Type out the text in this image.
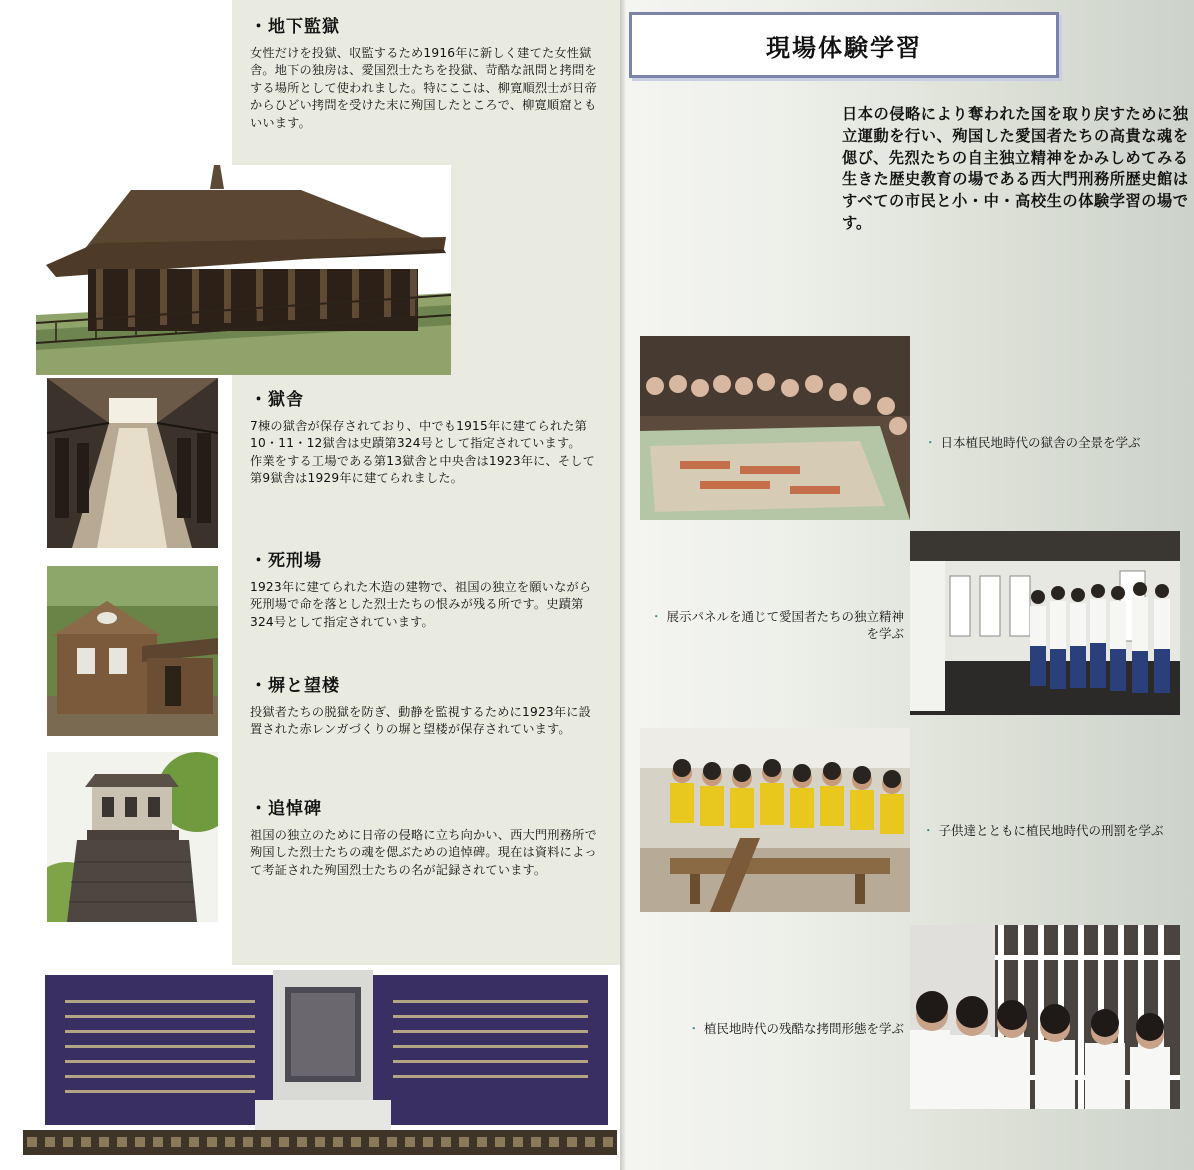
・地下監獄

女性だけを投獄、収監するため1916年に新しく建てた女性獄舎。地下の独房は、愛国烈士たちを投獄、苛酷な訊問と拷問をする場所として使われました。特にここは、柳寛順烈士が日帝からひどい拷問を受けた末に殉国したところで、柳寛順窟ともいいます。

・獄舎

7棟の獄舎が保存されており、中でも1915年に建てられた第10・11・12獄舎は史蹟第324号として指定されています。
作業をする工場である第13獄舎と中央舎は1923年に、そして第9獄舎は1929年に建てられました。

・死刑場

1923年に建てられた木造の建物で、祖国の独立を願いながら死刑場で命を落とした烈士たちの恨みが残る所です。史蹟第324号として指定されています。

・塀と望楼

投獄者たちの脱獄を防ぎ、動静を監視するために1923年に設置された赤レンガづくりの塀と望楼が保存されています。

・追悼碑

祖国の独立のために日帝の侵略に立ち向かい、西大門刑務所で殉国した烈士たちの魂を偲ぶための追悼碑。現在は資料によって考証された殉国烈士たちの名が記録されています。

現場体験学習
日本の侵略により奪われた国を取り戻すために独立運動を行い、殉国した愛国者たちの高貴な魂を偲び、先烈たちの自主独立精神をかみしめてみる生きた歴史教育の場である西大門刑務所歴史館はすべての市民と小・中・高校生の体験学習の場です。
・ 日本植民地時代の獄舎の全景を学ぶ
・ 展示パネルを通じて愛国者たちの独立精神を学ぶ
・ 子供達とともに植民地時代の刑罰を学ぶ
・ 植民地時代の残酷な拷問形態を学ぶ
